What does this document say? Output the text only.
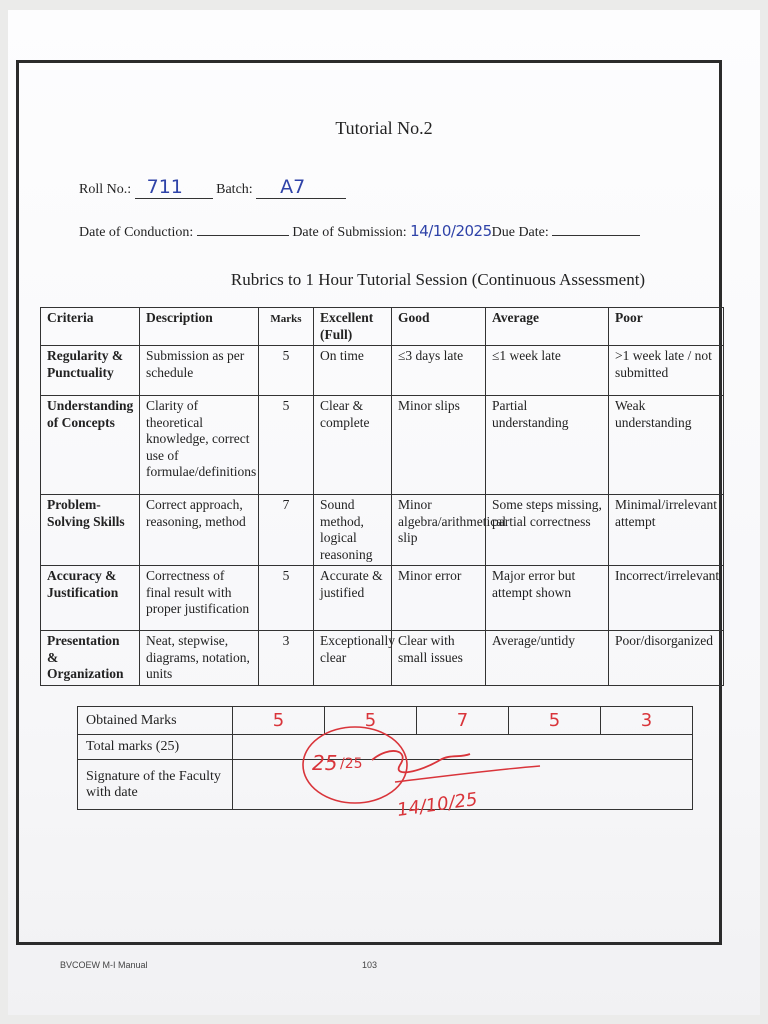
Tutorial No.2
Roll No.: 711 Batch: A7
Date of Conduction:	Date of Submission: 14/10/2025Due Date:
Rubrics to 1 Hour Tutorial Session (Continuous Assessment)
Criteria	Description	Marks	Excellent (Full)	Good	Average	Poor
Regularity & Punctuality	Submission as per schedule	5	On time	≤3 days late	≤1 week late	>1 week late / not submitted
Understanding of Concepts	Clarity of theoretical knowledge, correct use of formulae/definitions	5	Clear & complete	Minor slips	Partial understanding	Weak understanding
Problem-Solving Skills	Correct approach, reasoning, method	7	Sound method, logical reasoning	Minor algebra/arithmetical slip	Some steps missing, partial correctness	Minimal/irrelevant attempt
Accuracy & Justification	Correctness of final result with proper justification	5	Accurate & justified	Minor error	Major error but attempt shown	Incorrect/irrelevant
Presentation & Organization	Neat, stepwise, diagrams, notation, units	3	Exceptionally clear	Clear with small issues	Average/untidy	Poor/disorganized
Obtained Marks	5	5	7	5	3
Total marks (25)					
Signature of the Faculty with date					
25 /25
14/10/25
BVCOEW M-I Manual	103
